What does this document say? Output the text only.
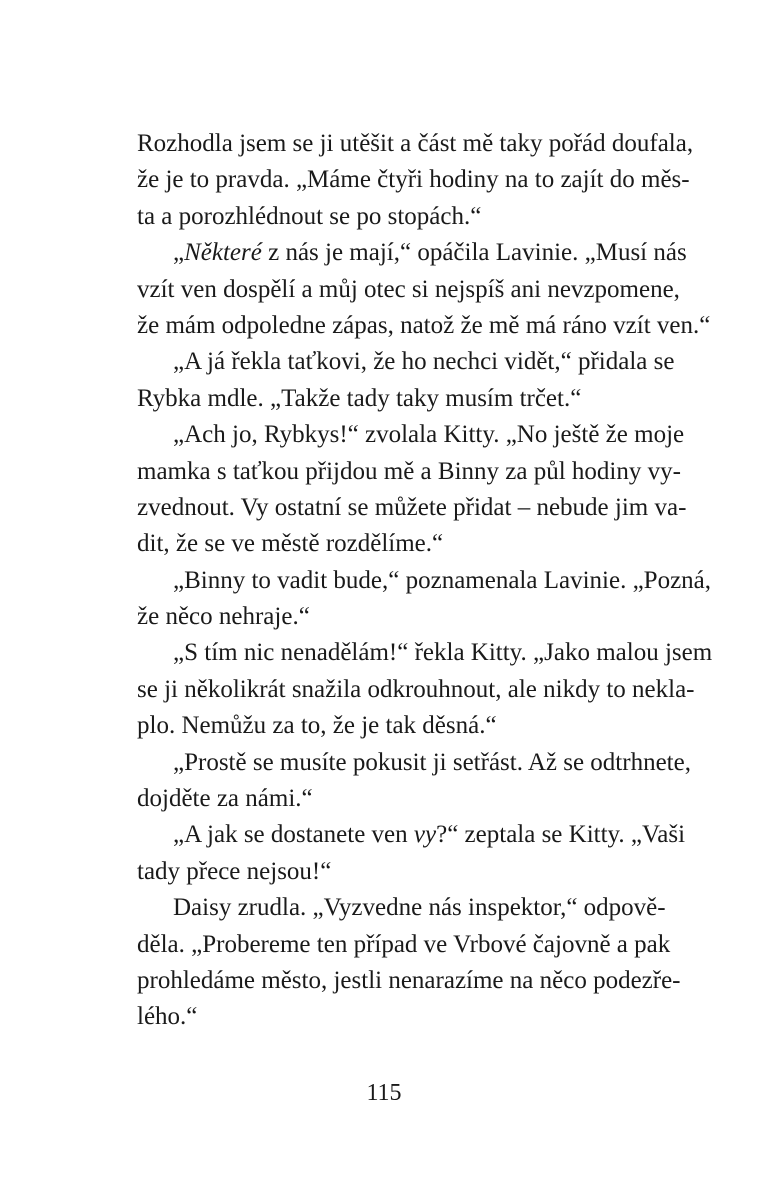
Rozhodla jsem se ji utěšit a část mě taky pořád doufala,
že je to pravda. „Máme čtyři hodiny na to zajít do měs-
ta a porozhlédnout se po stopách.“
„Některé z nás je mají,“ opáčila Lavinie. „Musí nás
vzít ven dospělí a můj otec si nejspíš ani nevzpomene,
že mám odpoledne zápas, natož že mě má ráno vzít ven.“
„A já řekla taťkovi, že ho nechci vidět,“ přidala se
Rybka mdle. „Takže tady taky musím trčet.“
„Ach jo, Rybkys!“ zvolala Kitty. „No ještě že moje
mamka s taťkou přijdou mě a Binny za půl hodiny vy-
zvednout. Vy ostatní se můžete přidat – nebude jim va-
dit, že se ve městě rozdělíme.“
„Binny to vadit bude,“ poznamenala Lavinie. „Pozná,
že něco nehraje.“
„S tím nic nenadělám!“ řekla Kitty. „Jako malou jsem
se ji několikrát snažila odkrouhnout, ale nikdy to nekla-
plo. Nemůžu za to, že je tak děsná.“
„Prostě se musíte pokusit ji setřást. Až se odtrhnete,
dojděte za námi.“
„A jak se dostanete ven vy?“ zeptala se Kitty. „Vaši
tady přece nejsou!“
Daisy zrudla. „Vyzvedne nás inspektor,“ odpově-
děla. „Probereme ten případ ve Vrbové čajovně a pak
prohledáme město, jestli nenarazíme na něco podezře-
lého.“
115
